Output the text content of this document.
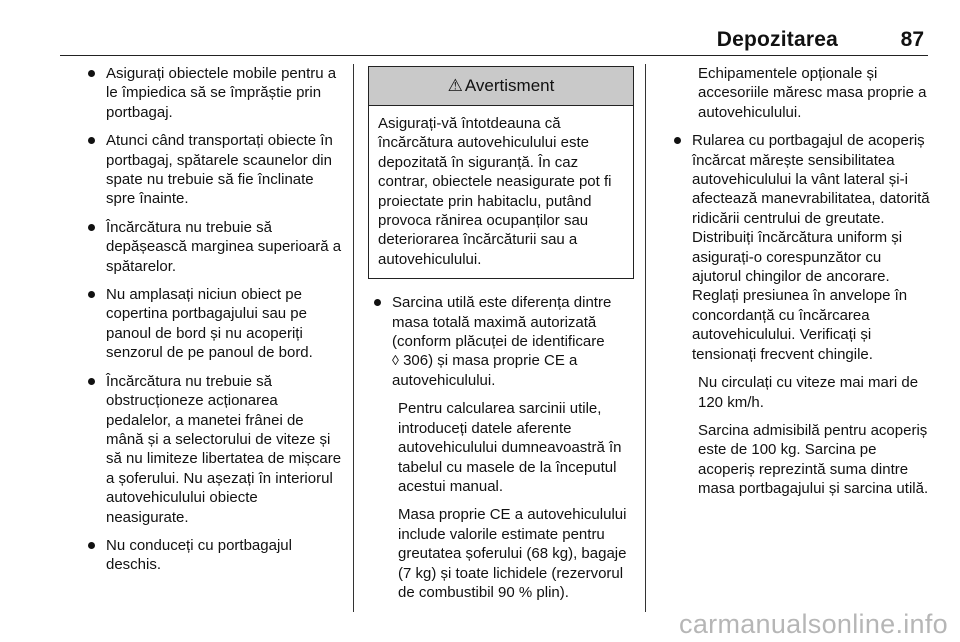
Depozitarea	87
Asigurați obiectele mobile pentru a le împiedica să se împrăștie prin portbagaj.
Atunci când transportați obiecte în portbagaj, spătarele scaunelor din spate nu trebuie să fie înclinate spre înainte.
Încărcătura nu trebuie să depășească marginea superioară a spătarelor.
Nu amplasați niciun obiect pe copertina portbagajului sau pe panoul de bord și nu acoperiți senzorul de pe panoul de bord.
Încărcătura nu trebuie să obstrucționeze acționarea pedalelor, a manetei frânei de mână și a selectorului de viteze și să nu limiteze libertatea de mișcare a șoferului. Nu așezați în interiorul autovehiculului obiecte neasigurate.
Nu conduceți cu portbagajul deschis.
⚠ Avertisment
Asigurați-vă întotdeauna că încărcătura autovehiculului este depozitată în siguranță. În caz contrar, obiectele neasigurate pot fi proiectate prin habitaclu, putând provoca rănirea ocupanților sau deteriorarea încărcăturii sau a autovehiculului.
Sarcina utilă este diferența dintre masa totală maximă autorizată (conform plăcuței de identificare
◊ 306) și masa proprie CE a autovehiculului.

Pentru calcularea sarcinii utile, introduceți datele aferente autovehiculului dumneavoastră în tabelul cu masele de la începutul acestui manual.

Masa proprie CE a autovehiculului include valorile estimate pentru greutatea șoferului (68 kg), bagaje (7 kg) și toate lichidele (rezervorul de combustibil 90 % plin).

Echipamentele opționale și accesoriile măresc masa proprie a autovehiculului.

Rularea cu portbagajul de acoperiș încărcat mărește sensibilitatea autovehiculului la vânt lateral și-i afectează manevrabilitatea, datorită ridicării centrului de greutate. Distribuiți încărcătura uniform și asigurați-o corespunzător cu ajutorul chingilor de ancorare. Reglați presiunea în anvelope în concordanță cu încărcarea autovehiculului. Verificați și tensionați frecvent chingile.

Nu circulați cu viteze mai mari de 120 km/h.

Sarcina admisibilă pentru acoperiș este de 100 kg. Sarcina pe acoperiș reprezintă suma dintre masa portbagajului și sarcina utilă.

carmanualsonline.info
